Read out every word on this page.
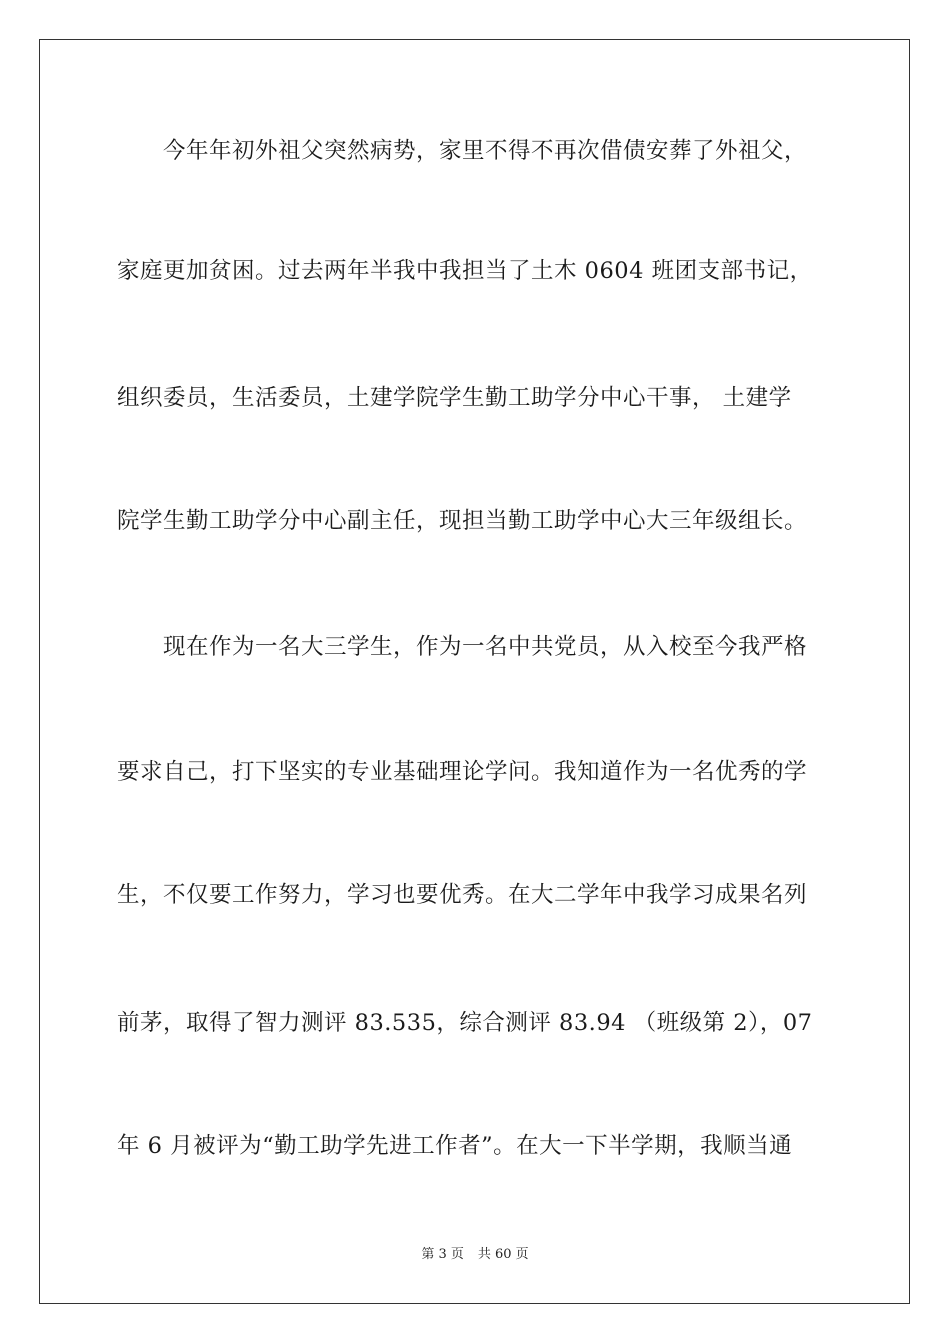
今年年初外祖父突然病势，家里不得不再次借债安葬了外祖父，
家庭更加贫困。过去两年半我中我担当了土木 0604 班团支部书记，
组织委员，生活委员，土建学院学生勤工助学分中心干事， 土建学
院学生勤工助学分中心副主任，现担当勤工助学中心大三年级组长。
现在作为一名大三学生，作为一名中共党员，从入校至今我严格
要求自己，打下坚实的专业基础理论学问。我知道作为一名优秀的学
生，不仅要工作努力，学习也要优秀。在大二学年中我学习成果名列
前茅，取得了智力测评 83.535，综合测评 83.94 （班级第 2），07
年 6 月被评为“勤工助学先进工作者”。在大一下半学期，我顺当通
第 3 页 共 60 页
